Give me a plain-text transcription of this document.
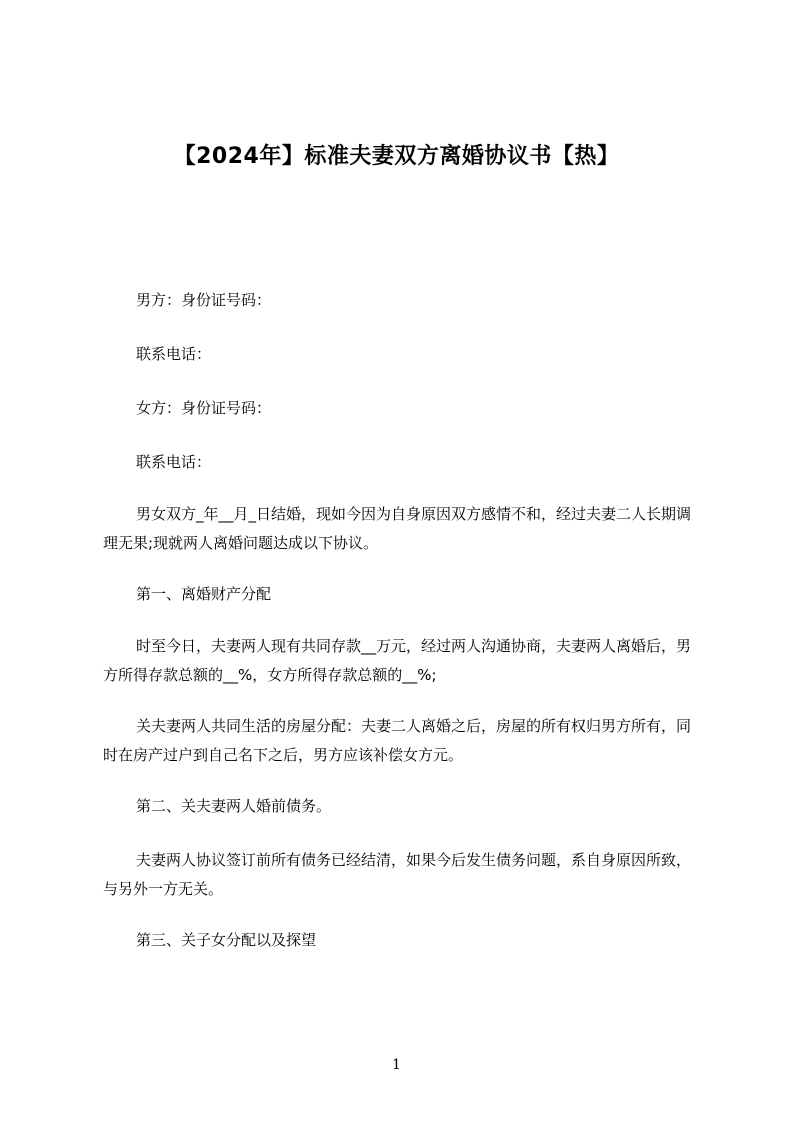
【2024年】标准夫妻双方离婚协议书【热】
男方：身份证号码：
联系电话：
女方：身份证号码：
联系电话：
男女双方_年__月_日结婚，现如今因为自身原因双方感情不和，经过夫妻二人长期调理无果;现就两人离婚问题达成以下协议。
第一、离婚财产分配
时至今日，夫妻两人现有共同存款__万元，经过两人沟通协商，夫妻两人离婚后，男方所得存款总额的__%，女方所得存款总额的__%;
关夫妻两人共同生活的房屋分配：夫妻二人离婚之后，房屋的所有权归男方所有，同时在房产过户到自己名下之后，男方应该补偿女方元。
第二、关夫妻两人婚前债务。
夫妻两人协议签订前所有债务已经结清，如果今后发生债务问题，系自身原因所致，与另外一方无关。
第三、关子女分配以及探望
1
